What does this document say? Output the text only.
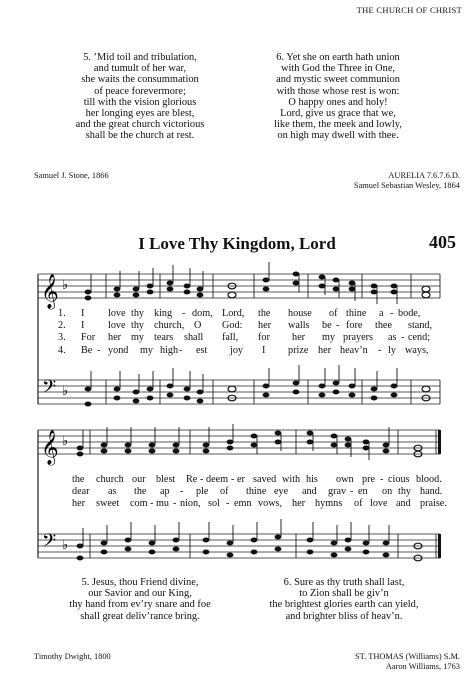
THE CHURCH OF CHRIST
5. ’Mid toil and tribulation,
and tumult of her war,
she waits the consummation
of peace forevermore;
till with the vision glorious
her longing eyes are blest,
and the great church victorious
shall be the church at rest.
6. Yet she on earth hath union
with God the Three in One,
and mystic sweet communion
with those whose rest is won:
O happy ones and holy!
Lord, give us grace that we,
like them, the meek and lowly,
on high may dwell with thee.
Samuel J. Stone, 1866	AURELIA 7.6.7.6.D.
Samuel Sebastian Wesley, 1864
I Love Thy Kingdom, Lord	405
𝄞
𝄢
♭
♭
1. I love thy king - dom, Lord, the house of thine a - bode,
2. I love thy church, O God: her walls be - fore thee stand,
3. For her my tears shall fall, for her my prayers as - cend;
4. Be - yond my high - est joy I prize her heav’n - ly ways,
𝄞
𝄢
♭
♭
the church our blest Re - deem - er saved with his own pre - cious blood.
dear as the ap - ple of thine eye and grav - en on thy hand.
her sweet com - mu - nion, sol - emn vows, her hymns of love and praise.
5. Jesus, thou Friend divine,
our Savior and our King,
thy hand from ev’ry snare and foe
shall great deliv’rance bring.
6. Sure as thy truth shall last,
to Zion shall be giv’n
the brightest glories earth can yield,
and brighter bliss of heav’n.
Timothy Dwight, 1800	ST. THOMAS (Williams) S.M.
Aaron Williams, 1763
